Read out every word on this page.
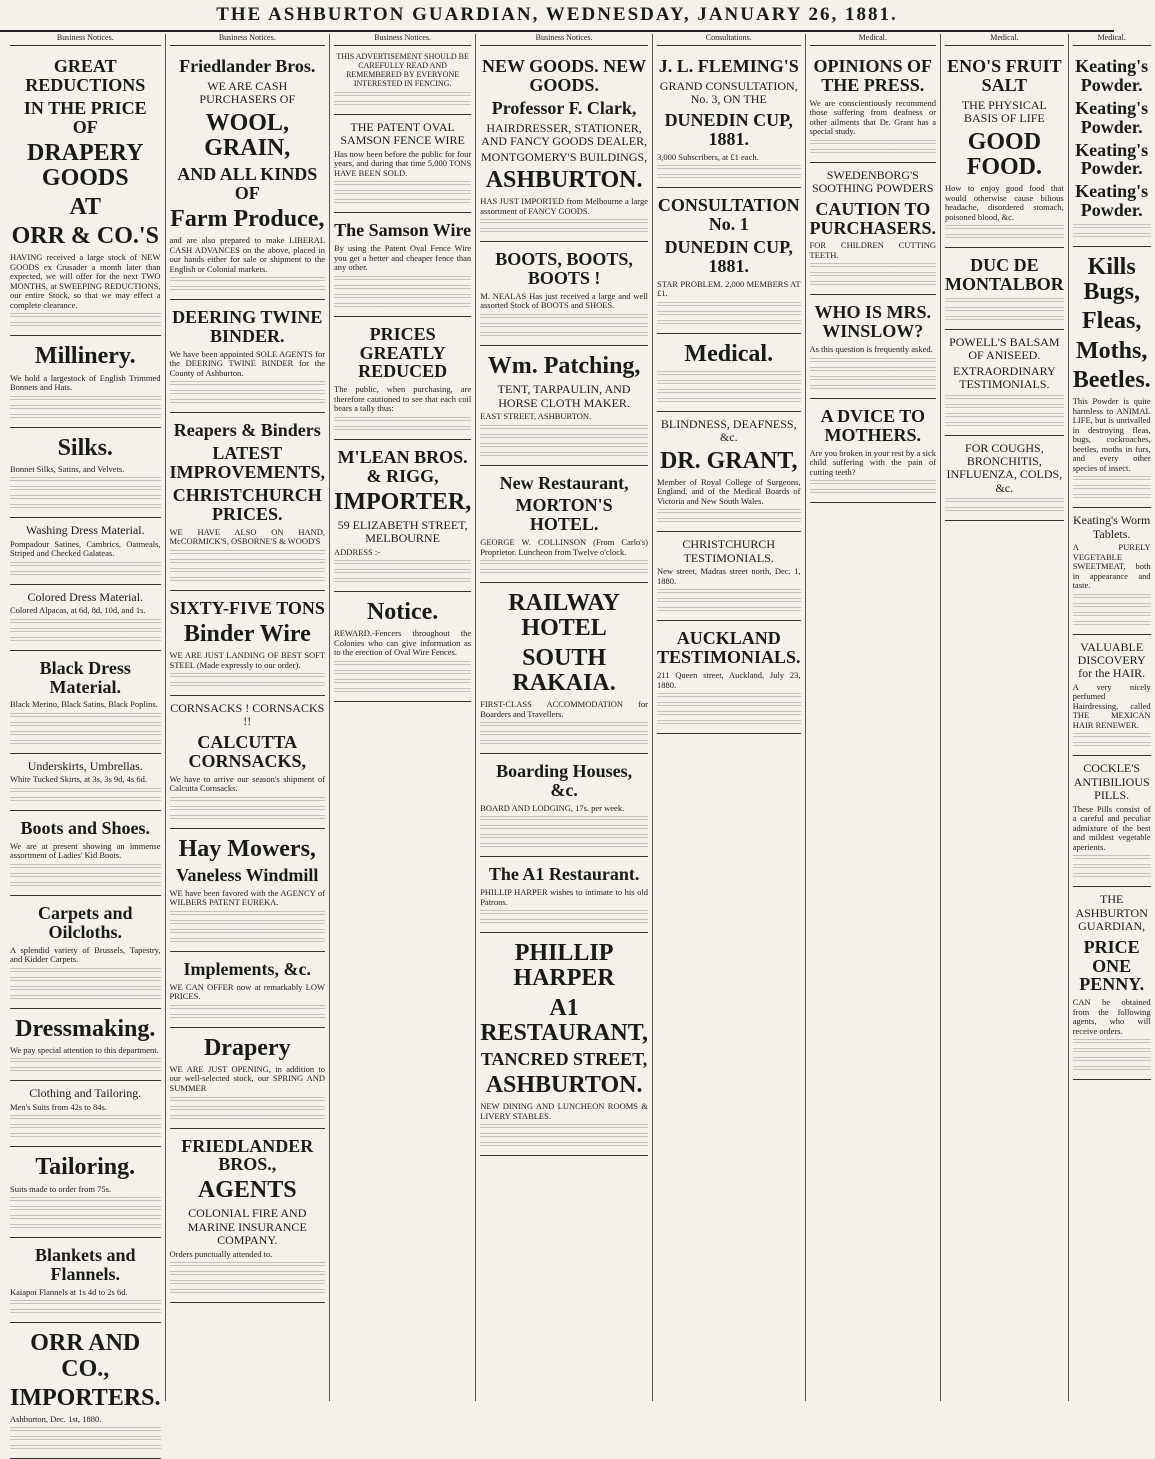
THE ASHBURTON GUARDIAN, WEDNESDAY, JANUARY 26, 1881.
Business Notices.
GREAT REDUCTIONS
IN THE PRICE OF
DRAPERY GOODS
AT
ORR & CO.'S

HAVING received a large stock of NEW GOODS ex Crusader a month later than expected, we will offer for the next TWO MONTHS, at SWEEPING REDUCTIONS, our entire Stock, so that we may effect a complete clearance.

Millinery.

We hold a largestock of English Trimmed Bonnets and Hats.

Silks.

Bonnet Silks, Satins, and Velvets.

Washing Dress Material.

Pompadour Satines, Cambrics, Oatmeals, Striped and Checked Galateas.

Colored Dress Material.

Colored Alpacas, at 6d, 8d, 10d, and 1s.

Black Dress Material.

Black Merino, Black Satins, Black Poplins.

Underskirts, Umbrellas.

White Tucked Skirts, at 3s, 3s 9d, 4s 6d.

Boots and Shoes.

We are at present showing an immense assortment of Ladies' Kid Boots.

Carpets and Oilcloths.

A splendid variety of Brussels, Tapestry, and Kidder Carpets.

Dressmaking.

We pay special attention to this department.

Clothing and Tailoring.

Men's Suits from 42s to 84s.

Tailoring.

Suits made to order from 75s.

Blankets and Flannels.

Kaiapoi Flannels at 1s 4d to 2s 6d.

ORR AND CO.,
IMPORTERS.

Ashburton, Dec. 1st, 1880.

Business Notices.
Friedlander Bros.
WE ARE CASH PURCHASERS OF
WOOL, GRAIN,
AND ALL KINDS OF
Farm Produce,

and are also prepared to make LIBERAL CASH ADVANCES on the above, placed in our hands either for sale or shipment to the English or Colonial markets.

DEERING TWINE BINDER.

We have been appointed SOLE AGENTS for the DEERING TWINE BINDER for the County of Ashburton.

Reapers & Binders
LATEST IMPROVEMENTS,
CHRISTCHURCH PRICES.

WE HAVE ALSO ON HAND, McCORMICK'S, OSBORNE'S & WOOD'S

SIXTY-FIVE TONS
Binder Wire

WE ARE JUST LANDING OF BEST SOFT STEEL (Made expressly to our order).

CORNSACKS ! CORNSACKS !!
CALCUTTA CORNSACKS,

We have to arrive our season's shipment of Calcutta Cornsacks.

Hay Mowers,
Vaneless Windmill

WE have been favored with the AGENCY of WILBERS PATENT EUREKA.

Implements, &c.

WE CAN OFFER now at remarkably LOW PRICES.

Drapery

WE ARE JUST OPENING, in addition to our well-selected stock, our SPRING AND SUMMER

FRIEDLANDER BROS.,
AGENTS
COLONIAL FIRE AND MARINE INSURANCE COMPANY.

Orders punctually attended to.

Business Notices.
THIS ADVERTISEMENT SHOULD BE CAREFULLY READ AND REMEMBERED BY EVERYONE INTERESTED IN FENCING.
THE PATENT OVAL SAMSON FENCE WIRE

Has now been before the public for four years, and during that time 5,000 TONS HAVE BEEN SOLD.

The Samson Wire

By using the Patent Oval Fence Wire you get a better and cheaper fence than any other.

PRICES GREATLY REDUCED

The public, when purchasing, are therefore cautioned to see that each coil bears a tally thus:

M'LEAN BROS. & RIGG,
IMPORTER,
59 ELIZABETH STREET, MELBOURNE

ADDRESS :-

Notice.

REWARD.-Fencers throughout the Colonies who can give information as to the erection of Oval Wire Fences.

Business Notices.
NEW GOODS. NEW GOODS.
Professor F. Clark,
HAIRDRESSER, STATIONER, AND FANCY GOODS DEALER,
MONTGOMERY'S BUILDINGS,
ASHBURTON.

HAS JUST IMPORTED from Melbourne a large assortment of FANCY GOODS.

BOOTS, BOOTS, BOOTS !

M. NEALAS Has just received a large and well assorted Stock of BOOTS and SHOES.

Wm. Patching,
TENT, TARPAULIN, AND HORSE CLOTH MAKER.

EAST STREET, ASHBURTON.

New Restaurant,
MORTON'S HOTEL.

GEORGE W. COLLINSON (From Carlo's) Proprietor. Luncheon from Twelve o'clock.

RAILWAY HOTEL
SOUTH RAKAIA.

FIRST-CLASS ACCOMMODATION for Boarders and Travellers.

Boarding Houses, &c.

BOARD AND LODGING, 17s. per week.

The A1 Restaurant.

PHILLIP HARPER wishes to intimate to his old Patrons.

PHILLIP HARPER
A1 RESTAURANT,
TANCRED STREET,
ASHBURTON.

NEW DINING AND LUNCHEON ROOMS & LIVERY STABLES.

Consultations.
J. L. FLEMING'S
GRAND CONSULTATION, No. 3, ON THE
DUNEDIN CUP, 1881.

3,000 Subscribers, at £1 each.

CONSULTATION No. 1
DUNEDIN CUP, 1881.

STAR PROBLEM. 2,000 MEMBERS AT £1.

Medical.
BLINDNESS, DEAFNESS, &c.
DR. GRANT,

Member of Royal College of Surgeons, England, and of the Medical Boards of Victoria and New South Wales.

CHRISTCHURCH TESTIMONIALS.

New street, Madras street north, Dec. 1, 1880.

AUCKLAND TESTIMONIALS.

211 Queen street, Auckland, July 23, 1880.

Medical.
OPINIONS OF THE PRESS.

We are conscientiously recommend those suffering from deafness or other ailments that Dr. Grant has a special study.

SWEDENBORG'S SOOTHING POWDERS
CAUTION TO PURCHASERS.

FOR CHILDREN CUTTING TEETH.

WHO IS MRS. WINSLOW?

As this question is frequently asked.

A DVICE TO MOTHERS.

Are you broken in your rest by a sick child suffering with the pain of cutting teeth?

Medical.
ENO'S FRUIT SALT
THE PHYSICAL BASIS OF LIFE
GOOD FOOD.

How to enjoy good food that would otherwise cause bilious headache, disordered stomach, poisoned blood, &c.

DUC DE MONTALBOR
POWELL'S BALSAM OF ANISEED.
EXTRAORDINARY TESTIMONIALS.
FOR COUGHS, BRONCHITIS, INFLUENZA, COLDS, &c.
Medical.
Keating's Powder.
Keating's Powder.
Keating's Powder.
Keating's Powder.
Kills Bugs,
Fleas,
Moths,
Beetles.

This Powder is quite harmless to ANIMAL LIFE, but is unrivalled in destroying fleas, bugs, cockroaches, beetles, moths in furs, and every other species of insect.

Keating's Worm Tablets.

A PURELY VEGETABLE SWEETMEAT, both in appearance and taste.

VALUABLE DISCOVERY for the HAIR.

A very nicely perfumed Hairdressing, called THE MEXICAN HAIR RENEWER.

COCKLE'S ANTIBILIOUS PILLS.

These Pills consist of a careful and peculiar admixture of the best and mildest vegetable aperients.

THE ASHBURTON GUARDIAN,
PRICE ONE PENNY.

CAN be obtained from the following agents, who will receive orders.
